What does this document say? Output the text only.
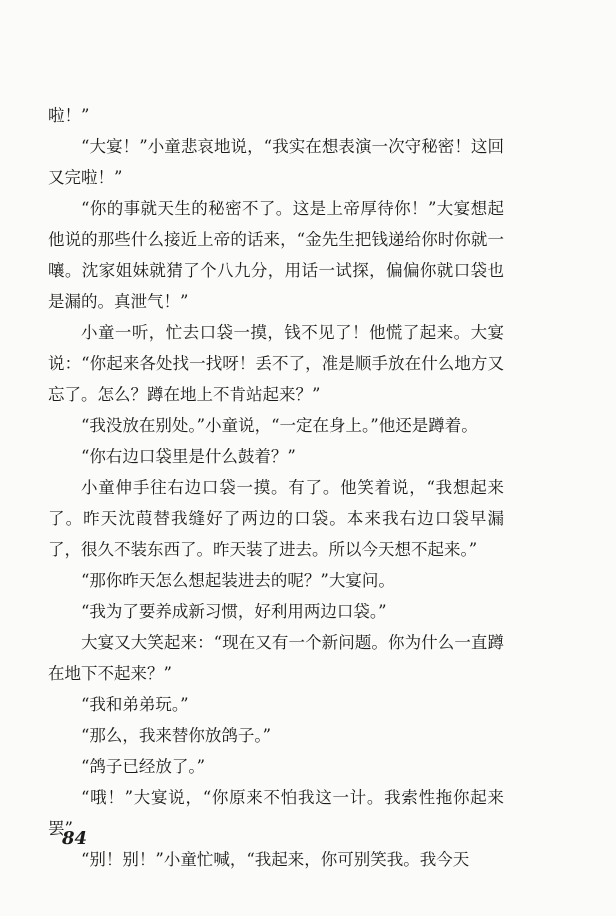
啦！”

“大宴！”小童悲哀地说，“我实在想表演一次守秘密！这回又完啦！”

“你的事就天生的秘密不了。这是上帝厚待你！”大宴想起他说的那些什么接近上帝的话来，“金先生把钱递给你时你就一嚷。沈家姐妹就猜了个八九分，用话一试探，偏偏你就口袋也是漏的。真泄气！”

小童一听，忙去口袋一摸，钱不见了！他慌了起来。大宴说：“你起来各处找一找呀！丢不了，准是顺手放在什么地方又忘了。怎么？蹲在地上不肯站起来？”

“我没放在别处。”小童说，“一定在身上。”他还是蹲着。

“你右边口袋里是什么鼓着？”

小童伸手往右边口袋一摸。有了。他笑着说，“我想起来了。昨天沈葭替我缝好了两边的口袋。本来我右边口袋早漏了，很久不装东西了。昨天装了进去。所以今天想不起来。”

“那你昨天怎么想起装进去的呢？”大宴问。

“我为了要养成新习惯，好利用两边口袋。”

大宴又大笑起来：“现在又有一个新问题。你为什么一直蹲在地下不起来？”

“我和弟弟玩。”

“那么，我来替你放鸽子。”

“鸽子已经放了。”

“哦！”大宴说，“你原来不怕我这一计。我索性拖你起来罢”

“别！别！”小童忙喊，“我起来，你可别笑我。我今天

84
